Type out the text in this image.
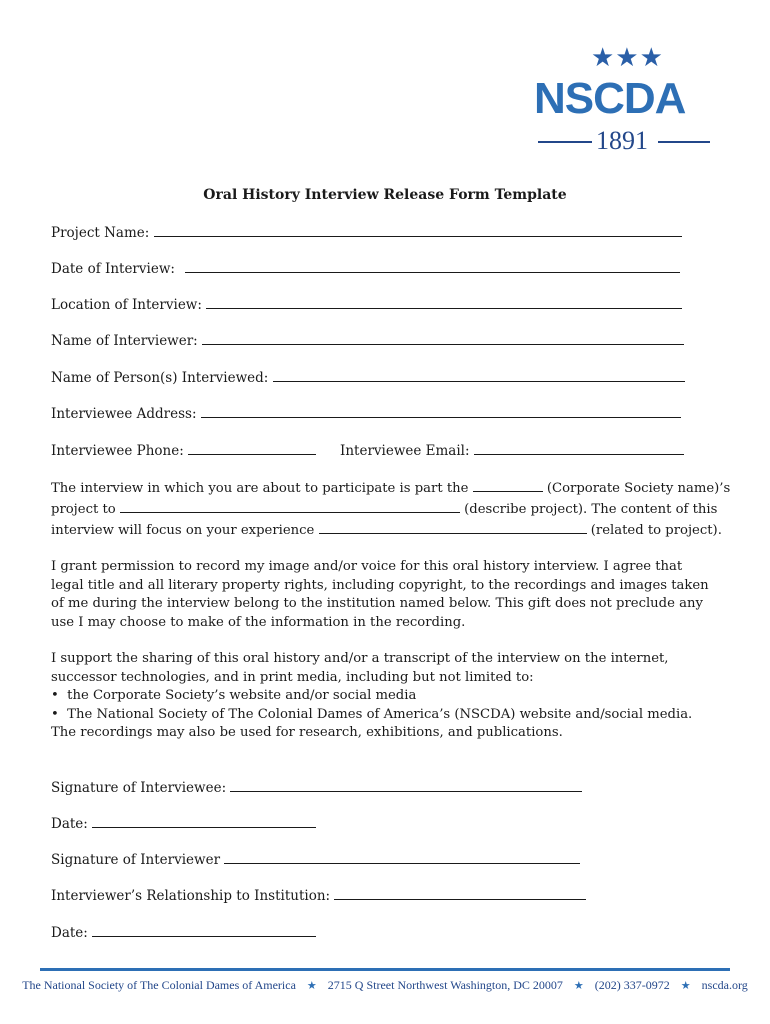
★★★
NSCDA
1891
Oral History Interview Release Form Template
Project Name:
Date of Interview:
Location of Interview:
Name of Interviewer:
Name of Person(s) Interviewed:
Interviewee Address:
Interviewee Phone:	Interviewee Email:
The interview in which you are about to participate is part the	(Corporate Society name)’s
project to	(describe project). The content of this
interview will focus on your experience	(related to project).

I grant permission to record my image and/or voice for this oral history interview. I agree that legal title and all literary property rights, including copyright, to the recordings and images taken of me during the interview belong to the institution named below. This gift does not preclude any use I may choose to make of the information in the recording.

I support the sharing of this oral history and/or a transcript of the interview on the internet, successor technologies, and in print media, including but not limited to:
•  the Corporate Society’s website and/or social media
•  The National Society of The Colonial Dames of America’s (NSCDA) website and/social media.
The recordings may also be used for research, exhibitions, and publications.
Signature of Interviewee:
Date:
Signature of Interviewer
Interviewer’s Relationship to Institution:
Date:
The National Society of The Colonial Dames of America ★ 2715 Q Street Northwest Washington, DC 20007 ★ (202) 337-0972 ★ nscda.org
